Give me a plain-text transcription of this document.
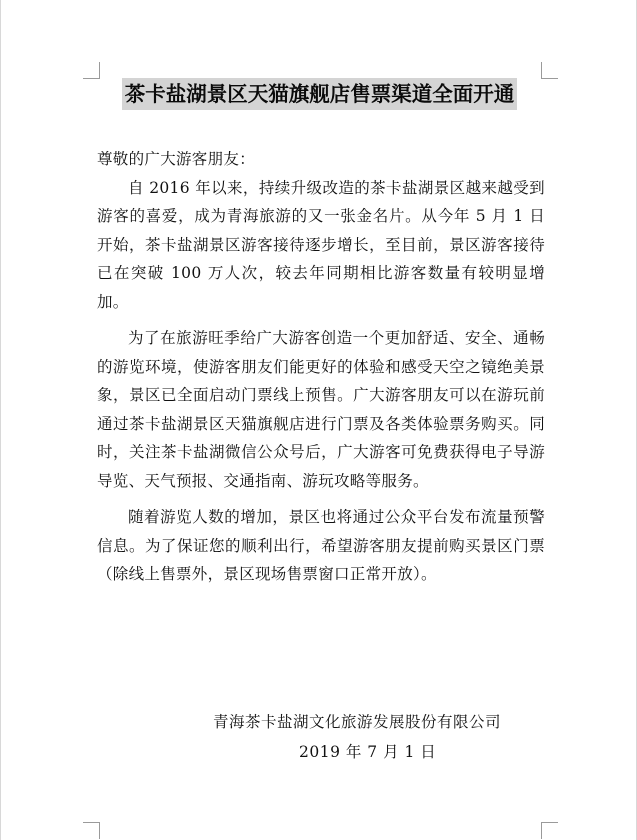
茶卡盐湖景区天猫旗舰店售票渠道全面开通

尊敬的广大游客朋友：

自 2016 年以来，持续升级改造的茶卡盐湖景区越来越受到游客的喜爱，成为青海旅游的又一张金名片。从今年 5 月 1 日开始，茶卡盐湖景区游客接待逐步增长，至目前，景区游客接待已在突破 100 万人次，较去年同期相比游客数量有较明显增加。

为了在旅游旺季给广大游客创造一个更加舒适、安全、通畅的游览环境，使游客朋友们能更好的体验和感受天空之镜绝美景象，景区已全面启动门票线上预售。广大游客朋友可以在游玩前通过茶卡盐湖景区天猫旗舰店进行门票及各类体验票务购买。同时，关注茶卡盐湖微信公众号后，广大游客可免费获得电子导游导览、天气预报、交通指南、游玩攻略等服务。

随着游览人数的增加，景区也将通过公众平台发布流量预警信息。为了保证您的顺利出行，希望游客朋友提前购买景区门票（除线上售票外，景区现场售票窗口正常开放）。

青海茶卡盐湖文化旅游发展股份有限公司
2019 年 7 月 1 日
